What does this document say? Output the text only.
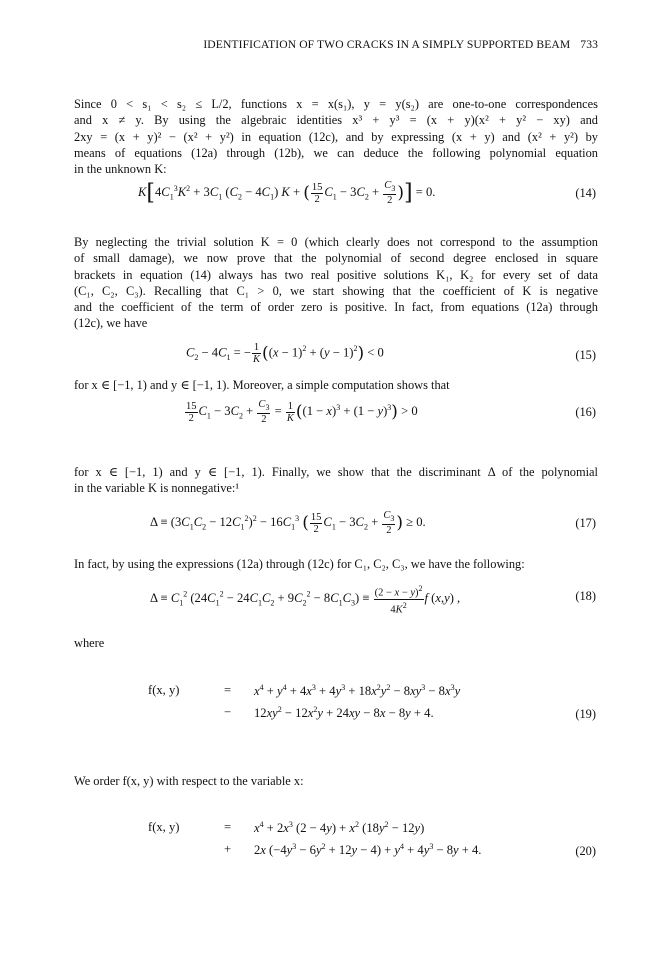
IDENTIFICATION OF TWO CRACKS IN A SIMPLY SUPPORTED BEAM 733
Since 0 < s₁ < s₂ ≤ L/2, functions x = x(s₁), y = y(s₂) are one-to-one correspondences
and x ≠ y. By using the algebraic identities x³ + y³ = (x + y)(x² + y² − xy) and
2xy = (x + y)² − (x² + y²) in equation (12c), and by expressing (x + y) and (x² + y²) by
means of equations (12a) through (12b), we can deduce the following polynomial equation
in the unknown K:
$K[4C_1^3K^2 + 3C_1$ $(C_2 - 4C_1) K$ + ( $\frac{15}{2} C_1 - 3C_2 + \frac{C_3}{2}$ )] = 0.	(14)
By neglecting the trivial solution K = 0 (which clearly does not correspond to the assumption
of small damage), we now prove that the polynomial of second degree enclosed in square
brackets in equation (14) always has two real positive solutions K₁, K₂ for every set of data
(C₁, C₂, C₃). Recalling that C₁ > 0, we start showing that the coefficient of K is negative
and the coefficient of the term of order zero is positive. In fact, from equations (12a) through
(12c), we have
$C_2 - 4C_1$ = − $\frac{1}{K} ((x - 1)^2 + (y - 1)^2) < 0$	(15)
for x ∈ [−1, 1) and y ∈ [−1, 1). Moreover, a simple computation shows that
$\frac{15}{2} C_1 - 3C_2 + \frac{C_3}{2} = \frac{1}{K} ((1 - x)^3 + (1 - y)^3) > 0$	(16)
for x ∈ [−1, 1) and y ∈ [−1, 1). Finally, we show that the discriminant Δ of the polynomial
in the variable K is nonnegative:¹
$\Delta \equiv (3C_1C_2 - 12C_1^2)^2 - 16C_1^3$ ( $\frac{15}{2} C_1 - 3C_2 + \frac{C_3}{2}$ ) ≥ 0.	(17)
In fact, by using the expressions (12a) through (12c) for C₁, C₂, C₃, we have the following:
$\Delta \equiv C_1^2$ $(24C_1^2 - 24C_1C_2 + 9C_2^2 - 8C_1C_3) \equiv \frac{(2 - x - y)^2}{4K^2}$ f (x,y) ,	(18)
where
f(x, y)	= $x^4 + y^4 + 4x^3 + 4y^3 + 18x^2y^2 - 8xy^3 - 8x^3y$
− $12xy^2 - 12x^2y + 24xy - 8x - 8y + 4$.	(19)
We order f(x, y) with respect to the variable x:
f(x, y)	= $x^4 + 2x^3$ $(2 - 4y) + x^2$ $(18y^2 - 12y)$
+ 2x $(-4y^3 - 6y^2 + 12y - 4) + y^4 + 4y^3 - 8y + 4$.	(20)
